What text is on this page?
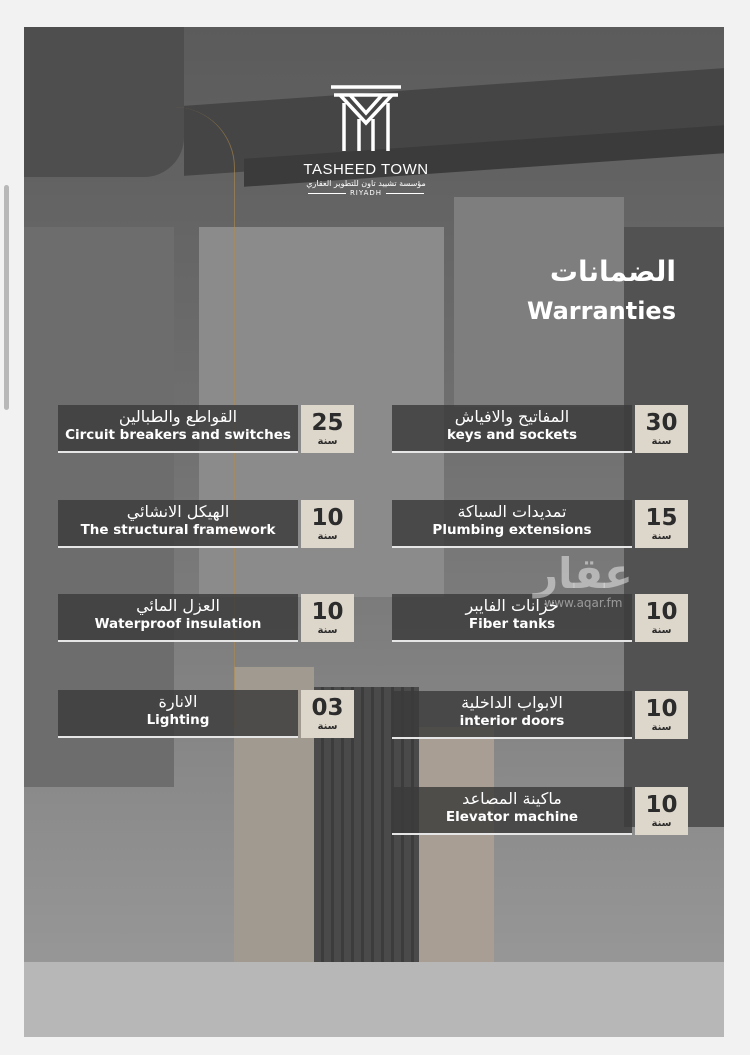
TASHEED TOWN
مؤسسة تشييد تاون للتطوير العقاري
RIYADH
الضمانات
Warranties
القواطع والطبالين
Circuit breakers and switches 25
سنة
المفاتيح والافياش
keys and sockets	30
سنة
الهيكل الانشائي
The structural framework	10
سنة
تمديدات السباكة
Plumbing extensions	15
سنة
العزل المائي
Waterproof insulation	10
سنة
خزانات الفايبر
Fiber tanks	10
سنة
الانارة
Lighting	03
سنة
الابواب الداخلية
interior doors	10
سنة
ماكينة المصاعد
Elevator machine	10
سنة
عقار
www.aqar.fm
